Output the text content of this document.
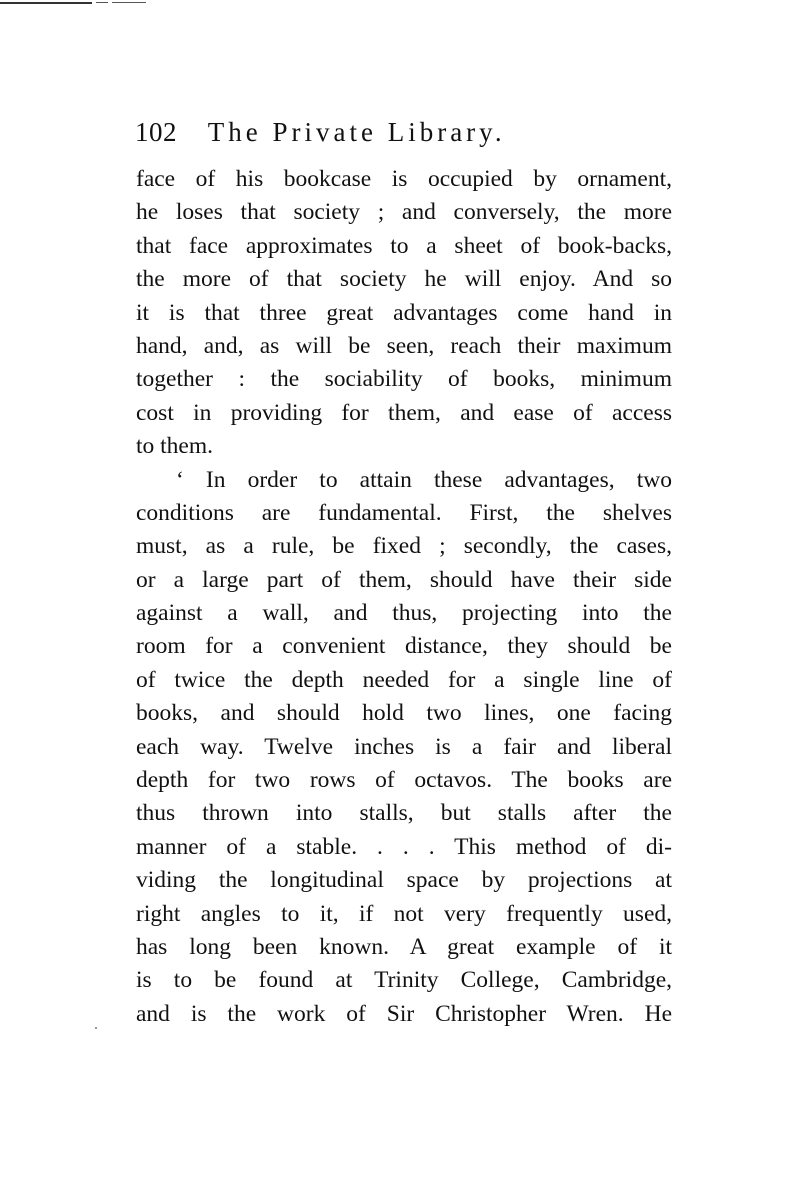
102 The Private Library.
face of his bookcase is occupied by ornament,
he loses that society ; and conversely, the more
that face approximates to a sheet of book-backs,
the more of that society he will enjoy. And so
it is that three great advantages come hand in
hand, and, as will be seen, reach their maximum
together : the sociability of books, minimum
cost in providing for them, and ease of access
to them.
‘ In order to attain these advantages, two
conditions are fundamental. First, the shelves
must, as a rule, be fixed ; secondly, the cases,
or a large part of them, should have their side
against a wall, and thus, projecting into the
room for a convenient distance, they should be
of twice the depth needed for a single line of
books, and should hold two lines, one facing
each way. Twelve inches is a fair and liberal
depth for two rows of octavos. The books are
thus thrown into stalls, but stalls after the
manner of a stable. . . . This method of di-
viding the longitudinal space by projections at
right angles to it, if not very frequently used,
has long been known. A great example of it
is to be found at Trinity College, Cambridge,
and is the work of Sir Christopher Wren. He
